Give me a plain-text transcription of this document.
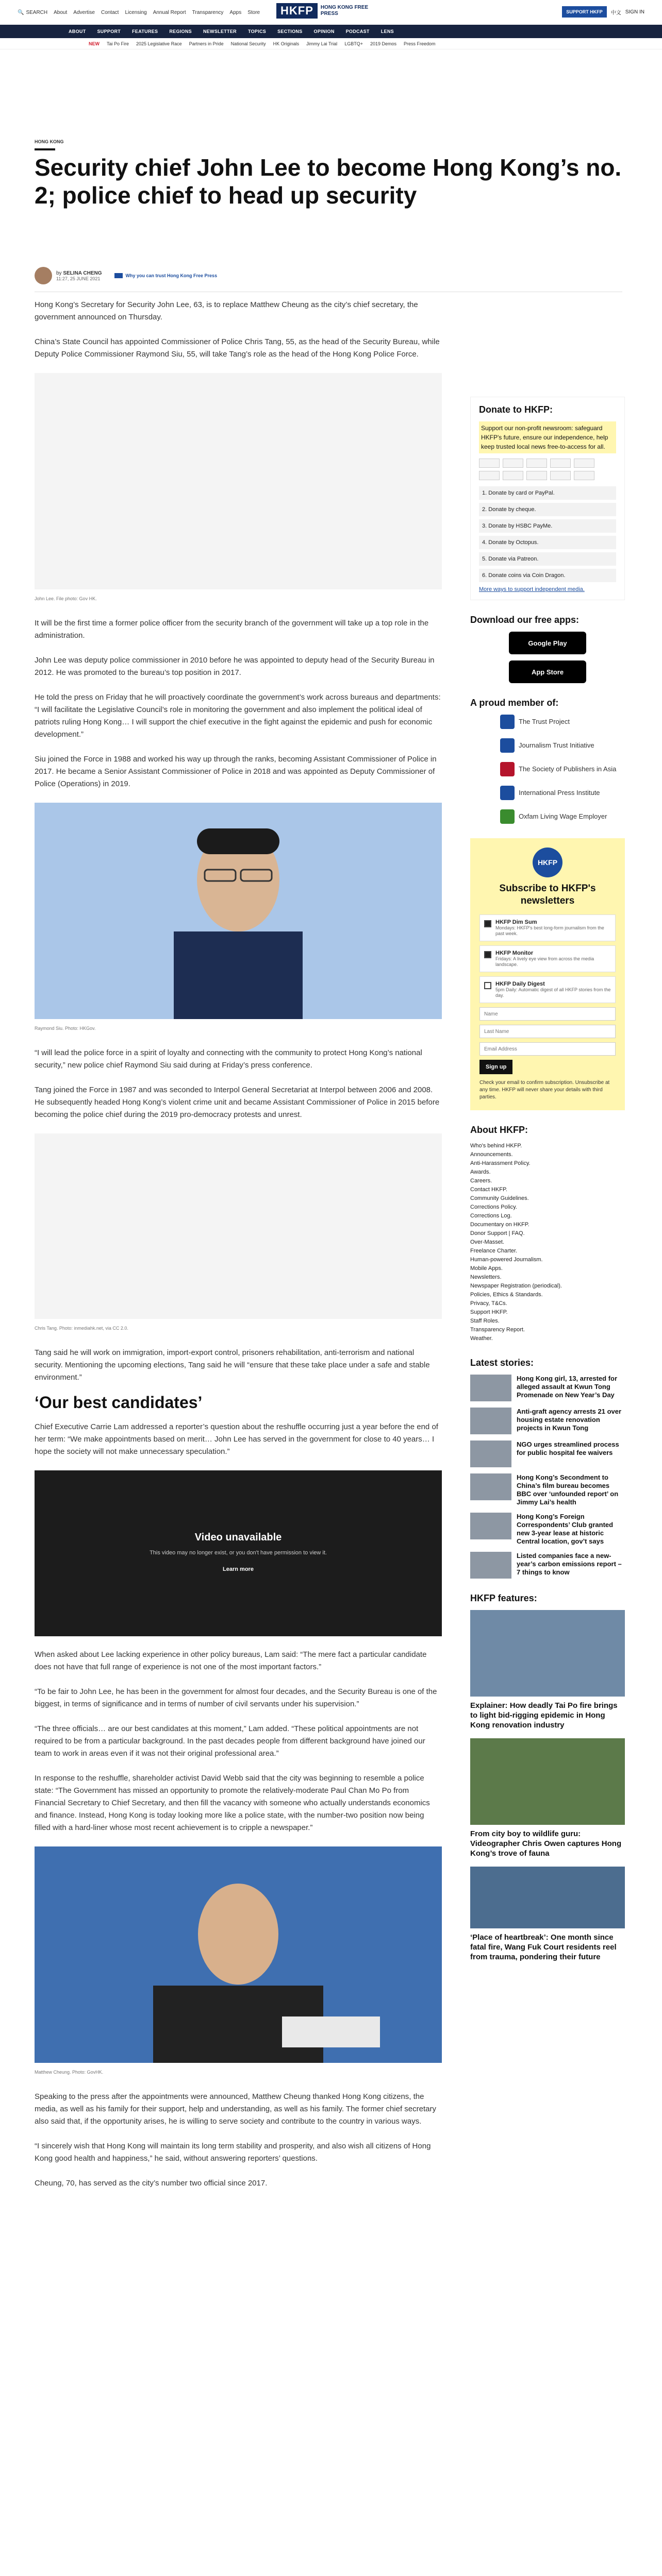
🔍 SEARCH About Advertise Contact Licensing Annual Report Transparency Apps Store	HKFP	HONG KONG FREE PRESS	SUPPORT HKFP	中文 SIGN IN
ABOUT SUPPORT FEATURES REGIONS NEWSLETTER TOPICS SECTIONS OPINION PODCAST LENS
NEW Tai Po Fire 2025 Legislative Race Partners in Pride National Security HK Originals Jimmy Lai Trial LGBTQ+ 2019 Demos Press Freedom
HONG KONG
Security chief John Lee to become Hong Kong’s no. 2; police chief to head up security
by SELINA CHENG
11:27, 25 JUNE 2021
Why you can trust Hong Kong Free Press

Hong Kong’s Secretary for Security John Lee, 63, is to replace Matthew Cheung as the city’s chief secretary, the government announced on Thursday.

China’s State Council has appointed Commissioner of Police Chris Tang, 55, as the head of the Security Bureau, while Deputy Police Commissioner Raymond Siu, 55, will take Tang’s role as the head of the Hong Kong Police Force.

John Lee. File photo: Gov HK.

It will be the first time a former police officer from the security branch of the government will take up a top role in the administration.

John Lee was deputy police commissioner in 2010 before he was appointed to deputy head of the Security Bureau in 2012. He was promoted to the bureau’s top position in 2017.

He told the press on Friday that he will proactively coordinate the government’s work across bureaus and departments: “I will facilitate the Legislative Council’s role in monitoring the government and also implement the political ideal of patriots ruling Hong Kong… I will support the chief executive in the fight against the epidemic and push for economic development.”

Siu joined the Force in 1988 and worked his way up through the ranks, becoming Assistant Commissioner of Police in 2017. He became a Senior Assistant Commissioner of Police in 2018 and was appointed as Deputy Commissioner of Police (Operations) in 2019.

Raymond Siu. Photo: HKGov.

“I will lead the police force in a spirit of loyalty and connecting with the community to protect Hong Kong’s national security,” new police chief Raymond Siu said during at Friday’s press conference.

Tang joined the Force in 1987 and was seconded to Interpol General Secretariat at Interpol between 2006 and 2008. He subsequently headed Hong Kong’s violent crime unit and became Assistant Commissioner of Police in 2015 before becoming the police chief during the 2019 pro-democracy protests and unrest.

Chris Tang. Photo: inmediahk.net, via CC 2.0.

Tang said he will work on immigration, import-export control, prisoners rehabilitation, anti-terrorism and national security. Mentioning the upcoming elections, Tang said he will “ensure that these take place under a safe and stable environment.”

‘Our best candidates’

Chief Executive Carrie Lam addressed a reporter’s question about the reshuffle occurring just a year before the end of her term: “We make appointments based on merit… John Lee has served in the government for close to 40 years… I hope the society will not make unnecessary speculation.”

Video unavailable
This video may no longer exist, or you don't have permission to view it.
Learn more

When asked about Lee lacking experience in other policy bureaus, Lam said: “The mere fact a particular candidate does not have that full range of experience is not one of the most important factors.”

“To be fair to John Lee, he has been in the government for almost four decades, and the Security Bureau is one of the biggest, in terms of significance and in terms of number of civil servants under his supervision.”

“The three officials… are our best candidates at this moment,” Lam added. “These political appointments are not required to be from a particular background. In the past decades people from different background have joined our team to work in areas even if it was not their original professional area.”

In response to the reshuffle, shareholder activist David Webb said that the city was beginning to resemble a police state: “The Government has missed an opportunity to promote the relatively-moderate Paul Chan Mo Po from Financial Secretary to Chief Secretary, and then fill the vacancy with someone who actually understands economics and finance. Instead, Hong Kong is today looking more like a police state, with the number-two position now being filled with a hard-liner whose most recent achievement is to cripple a newspaper.”

Matthew Cheung. Photo: GovHK.

Speaking to the press after the appointments were announced, Matthew Cheung thanked Hong Kong citizens, the media, as well as his family for their support, help and understanding, as well as his family. The former chief secretary also said that, if the opportunity arises, he is willing to serve society and contribute to the country in various ways.

“I sincerely wish that Hong Kong will maintain its long term stability and prosperity, and also wish all citizens of Hong Kong good health and happiness,” he said, without answering reporters’ questions.

Cheung, 70, has served as the city’s number two official since 2017.

Donate to HKFP:
Support our non-profit newsroom: safeguard HKFP's future, ensure our independence, help keep trusted local news free-to-access for all.
1. Donate by card or PayPal.
2. Donate by cheque.
3. Donate by HSBC PayMe.
4. Donate by Octopus.
5. Donate via Patreon.
6. Donate coins via Coin Dragon.
More ways to support independent media.
Download our free apps:
Google Play
App Store
A proud member of:
The Trust Project
Journalism Trust Initiative
The Society of Publishers in Asia
International Press Institute
Oxfam Living Wage Employer
HKFP
Subscribe to HKFP's newsletters
HKFP Dim Sum
Mondays: HKFP's best long-form journalism from the past week.
HKFP Monitor
Fridays: A lively eye view from across the media landscape.
HKFP Daily Digest
5pm Daily: Automatic digest of all HKFP stories from the day.
Name Last Name Email Address
Sign up
Check your email to confirm subscription. Unsubscribe at any time. HKFP will never share your details with third parties.
About HKFP:
Who's behind HKFP.
Announcements.
Anti-Harassment Policy.
Awards.
Careers.
Contact HKFP.
Community Guidelines.
Corrections Policy.
Corrections Log.
Documentary on HKFP.
Donor Support | FAQ.
Over-Masset.
Freelance Charter.
Human-powered Journalism.
Mobile Apps.
Newsletters.
Newspaper Registration (periodical).
Policies, Ethics & Standards.
Privacy, T&Cs.
Support HKFP.
Staff Roles.
Transparency Report.
Weather.
Latest stories:
Hong Kong girl, 13, arrested for alleged assault at Kwun Tong Promenade on New Year’s Day
Anti-graft agency arrests 21 over housing estate renovation projects in Kwun Tong
NGO urges streamlined process for public hospital fee waivers
Hong Kong’s Secondment to China’s film bureau becomes BBC over ‘unfounded report’ on Jimmy Lai’s health
Hong Kong’s Foreign Correspondents’ Club granted new 3-year lease at historic Central location, gov’t says
Listed companies face a new-year’s carbon emissions report – 7 things to know
HKFP features:
Explainer: How deadly Tai Po fire brings to light bid-rigging epidemic in Hong Kong renovation industry
From city boy to wildlife guru: Videographer Chris Owen captures Hong Kong’s trove of fauna
‘Place of heartbreak’: One month since fatal fire, Wang Fuk Court residents reel from trauma, pondering their future
